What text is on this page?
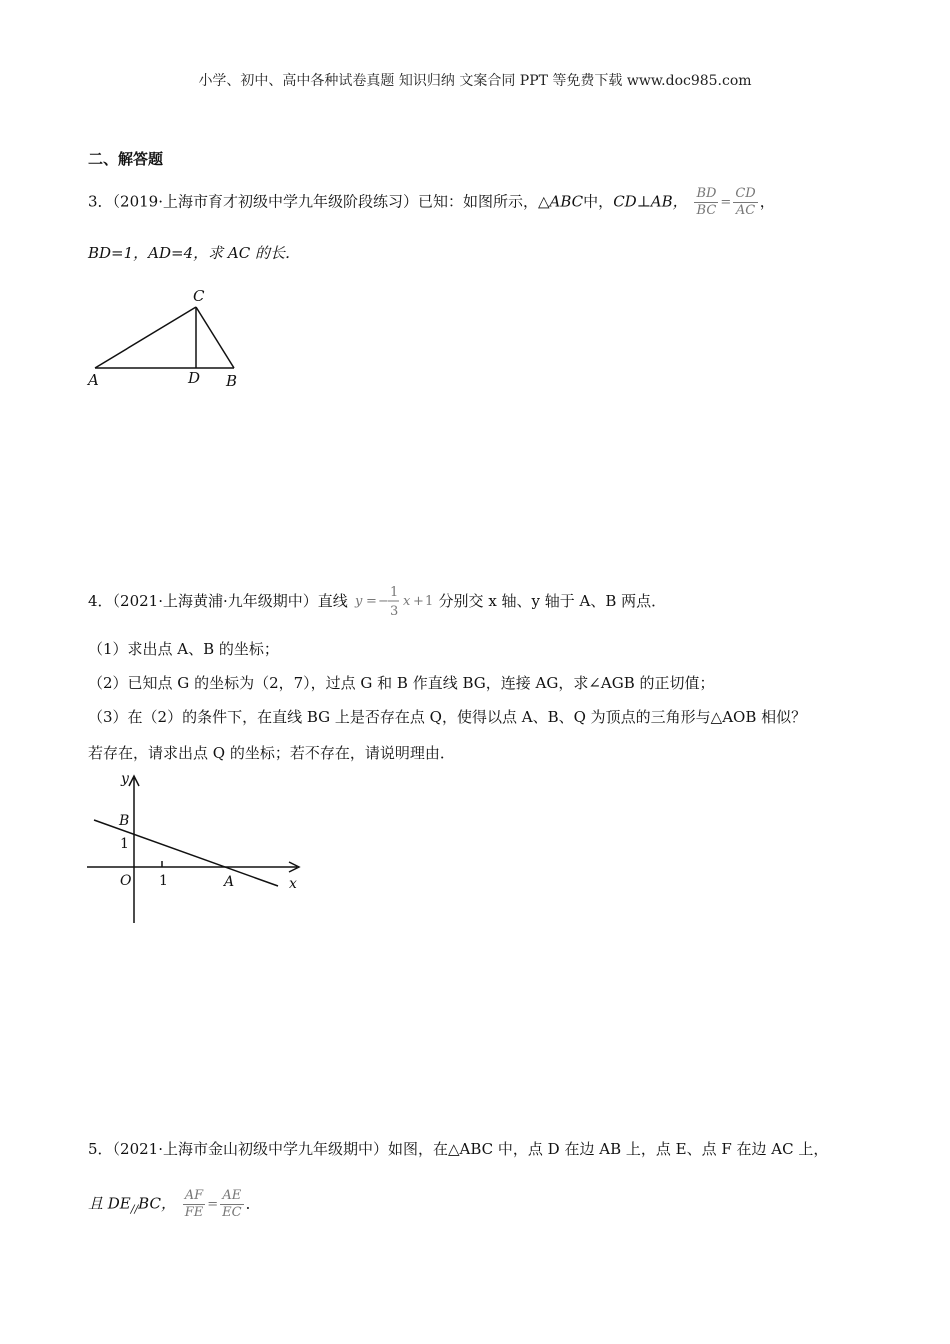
小学、初中、高中各种试卷真题 知识归纳 文案合同 PPT 等免费下载 www.doc985.com
二、解答题
3．（2019·上海市育才初级中学九年级阶段练习）已知：如图所示，△ABC中，CD⊥AB， $\frac{BD}{BC} = \frac{CD}{AC}$ ，
BD=1，AD=4，求 AC 的长．
C
A	D B
4．（2021·上海黄浦·九年级期中）直线 y = −
1
3
x + 1 分别交 x 轴、y 轴于 A、B 两点．
（1）求出点 A、B 的坐标；
（2）已知点 G 的坐标为（2，7），过点 G 和 B 作直线 BG，连接 AG，求∠AGB 的正切值；
（3）在（2）的条件下，在直线 BG 上是否存在点 Q，使得以点 A、B、Q 为顶点的三角形与△AOB 相似？
若存在，请求出点 Q 的坐标；若不存在，请说明理由．
y
B
1
O 1	A	x
5．（2021·上海市金山初级中学九年级期中）如图，在△ABC 中，点 D 在边 AB 上，点 E、点 F 在边 AC 上，
且 $DE_{//}BC$， $\frac{AF}{FE} = \frac{AE}{EC}$ ．
